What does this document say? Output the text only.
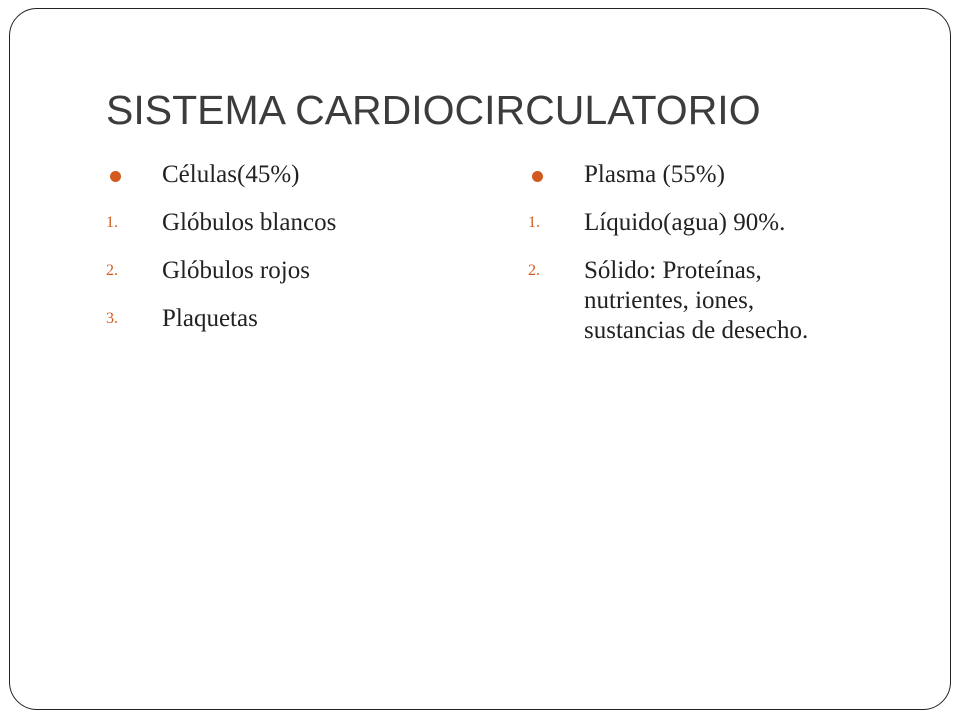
SISTEMA CARDIOCIRCULATORIO
Células(45%)
1. Glóbulos blancos
2. Glóbulos rojos
3. Plaquetas
Plasma (55%)
1. Líquido(agua) 90%.
2. Sólido: Proteínas, nutrientes, iones, sustancias de desecho.
